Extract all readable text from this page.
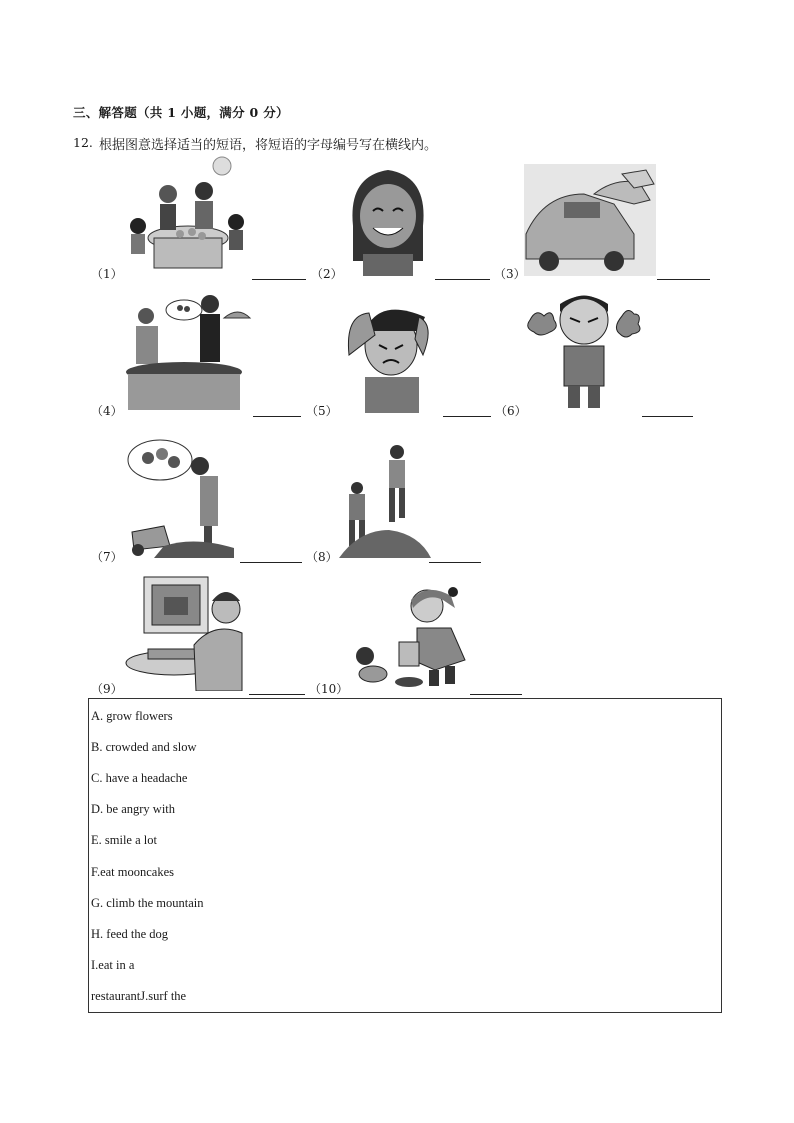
三、解答题（共 1 小题，满分 0 分）
12. 根据图意选择适当的短语，将短语的字母编号写在横线内。
（1）	（2）	（3）
（4）	（5）	（6）
（7）	（8）
（9）	（10）
A. grow flowers
B. crowded and slow
C. have a headache
D. be angry with
E. smile a lot
F.eat mooncakes
G. climb the mountain
H. feed the dog
I.eat in a
restaurantJ.surf the
